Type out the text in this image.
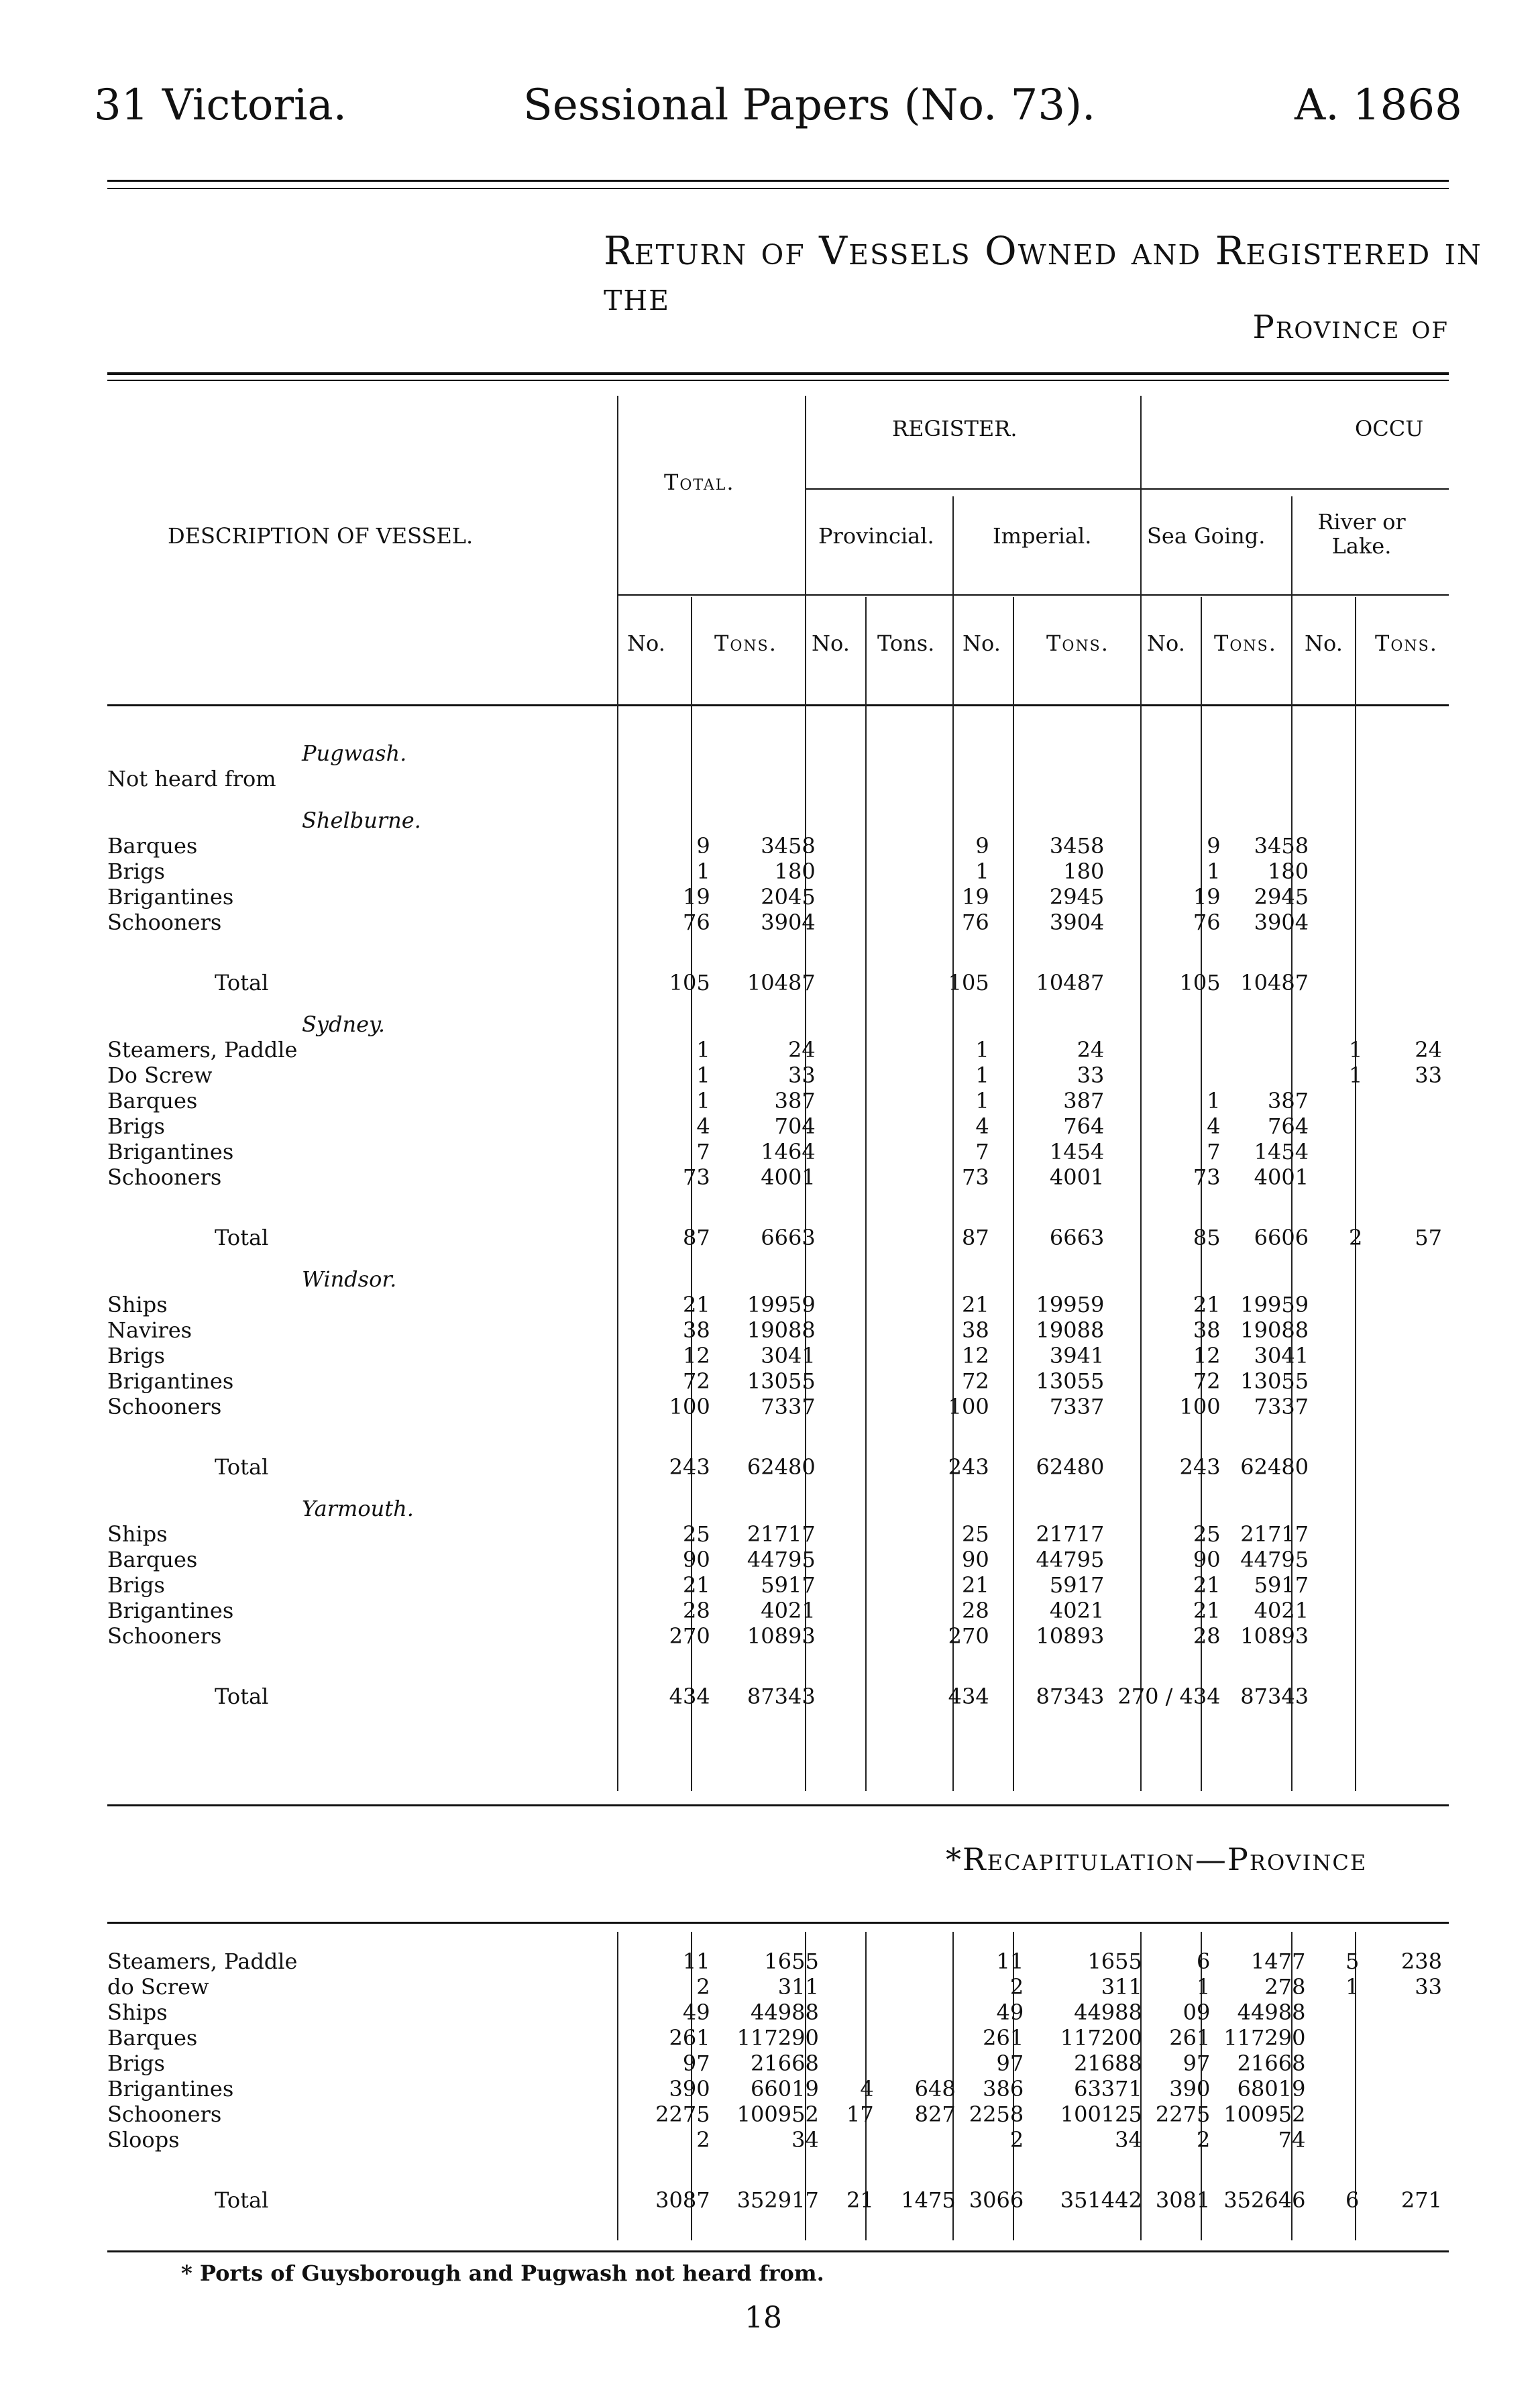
31 Victoria.	Sessional Papers (No. 73).	A. 1868
Return of Vessels Owned and Registered in the
Province of
DESCRIPTION OF VESSEL.
Total.
REGISTER.	OCCU
Provincial.	Imperial.	Sea Going.
River or Lake.
No. Tons. No. Tons. No. Tons. No. Tons. No. Tons.
Pugwash.										
Not heard from										
Shelburne.										
Barques	9	3458			9	3458	9	3458		
Brigs	1	180			1	180	1	180		
Brigantines	19	2045			19	2945	19	2945		
Schooners	76	3904			76	3904	76	3904		
Total	105	10487			105	10487	105	10487		
Sydney.										
Steamers, Paddle	1	24			1	24			1	24
Do Screw	1	33			1	33			1	33
Barques	1	387			1	387	1	387		
Brigs	4	704			4	764	4	764		
Brigantines	7	1464			7	1454	7	1454		
Schooners	73	4001			73	4001	73	4001		
Total	87	6663			87	6663	85	6606	2	57
Windsor.										
Ships	21	19959			21	19959	21	19959		
Navires	38	19088			38	19088	38	19088		
Brigs	12	3041			12	3941	12	3041		
Brigantines	72	13055			72	13055	72	13055		
Schooners	100	7337			100	7337	100	7337		
Total	243	62480			243	62480	243	62480		
Yarmouth.										
Ships	25	21717			25	21717	25	21717		
Barques	90	44795			90	44795	90	44795		
Brigs	21	5917			21	5917	21	5917		
Brigantines	28	4021			28	4021	21	4021		
Schooners	270	10893			270	10893	28	10893		
Total	434	87343			434	87343	270 / 434	87343		
*Recapitulation—Province
Steamers, Paddle	11	1655			11	1655	6	1477	5	238
do Screw	2	311			2	311	1	278	1	33
Ships	49	44988			49	44988	09	44988		
Barques	261	117290			261	117200	261	117290		
Brigs	97	21668			97	21688	97	21668		
Brigantines	390	66019	4	648	386	63371	390	68019		
Schooners	2275	100952	17	827	2258	100125	2275	100952		
Sloops	2	34			2	34	2	74		
Total	3087	352917	21	1475	3066	351442	3081	352646	6	271
* Ports of Guysborough and Pugwash not heard from.
18
